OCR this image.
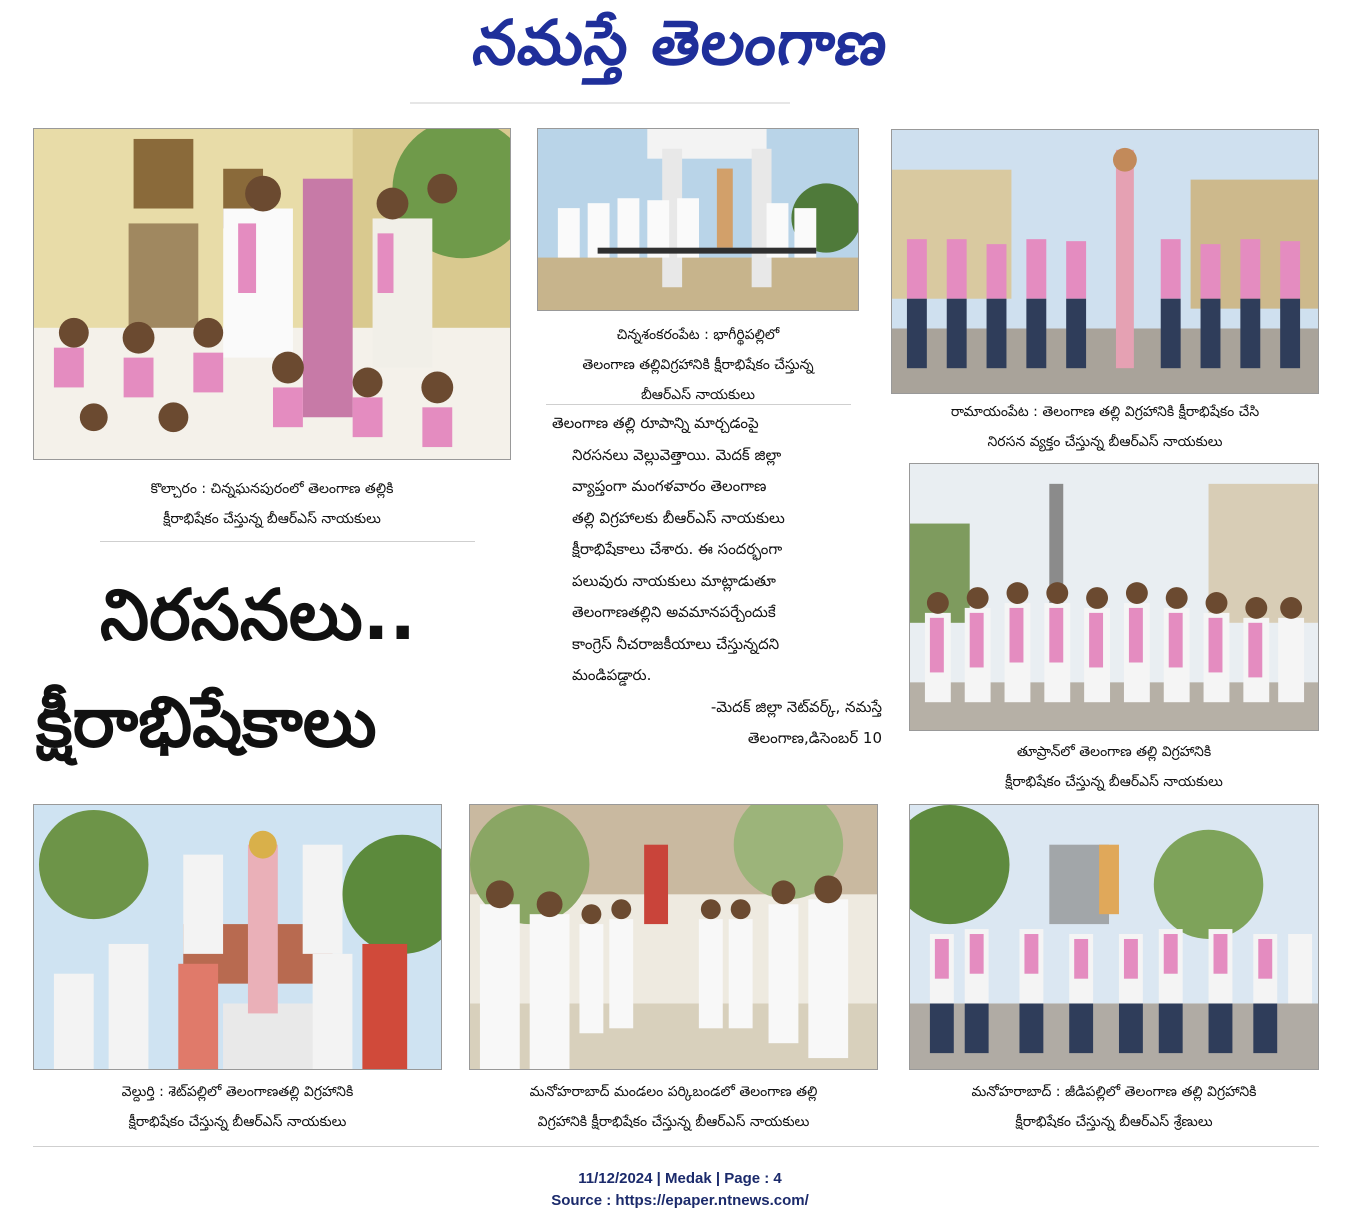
నమస్తే తెలంగాణ
కొల్చారం : చిన్నఘనపురంలో తెలంగాణ తల్లికి
క్షీరాభిషేకం చేస్తున్న బీఆర్ఎస్ నాయకులు
నిరసనలు..
క్షీరాభిషేకాలు
చిన్నశంకరంపేట : భాగీర్థిపల్లిలో
తెలంగాణ తల్లివిగ్రహానికి క్షీరాభిషేకం చేస్తున్న
బీఆర్ఎస్ నాయకులు
తెలంగాణ తల్లి రూపాన్ని మార్చడంపై
నిరసనలు వెల్లువెత్తాయి. మెదక్ జిల్లా
వ్యాప్తంగా మంగళవారం తెలంగాణ
తల్లి విగ్రహాలకు బీఆర్ఎస్ నాయకులు
క్షీరాభిషేకాలు చేశారు. ఈ సందర్భంగా
పలువురు నాయకులు మాట్లాడుతూ
తెలంగాణతల్లిని అవమానపర్చేందుకే
కాంగ్రెస్ నీచరాజకీయాలు చేస్తున్నదని
మండిపడ్డారు.
-మెదక్ జిల్లా నెట్‌వర్క్, నమస్తే
తెలంగాణ,డిసెంబర్ 10
రామాయంపేట : తెలంగాణ తల్లి విగ్రహానికి క్షీరాభిషేకం చేసి
నిరసన వ్యక్తం చేస్తున్న బీఆర్ఎస్ నాయకులు
తూప్రాన్‌లో తెలంగాణ తల్లి విగ్రహానికి
క్షీరాభిషేకం చేస్తున్న బీఆర్ఎస్ నాయకులు
వెల్దుర్తి : శెట్‌పల్లిలో తెలంగాణతల్లి విగ్రహానికి
క్షీరాభిషేకం చేస్తున్న బీఆర్ఎస్ నాయకులు
మనోహరాబాద్ మండలం పర్కిబండలో తెలంగాణ తల్లి
విగ్రహానికి క్షీరాభిషేకం చేస్తున్న బీఆర్ఎస్ నాయకులు
మనోహరాబాద్ : జీడిపల్లిలో తెలంగాణ తల్లి విగ్రహానికి
క్షీరాభిషేకం చేస్తున్న బీఆర్ఎస్ శ్రేణులు
11/12/2024 | Medak | Page : 4
Source : https://epaper.ntnews.com/
